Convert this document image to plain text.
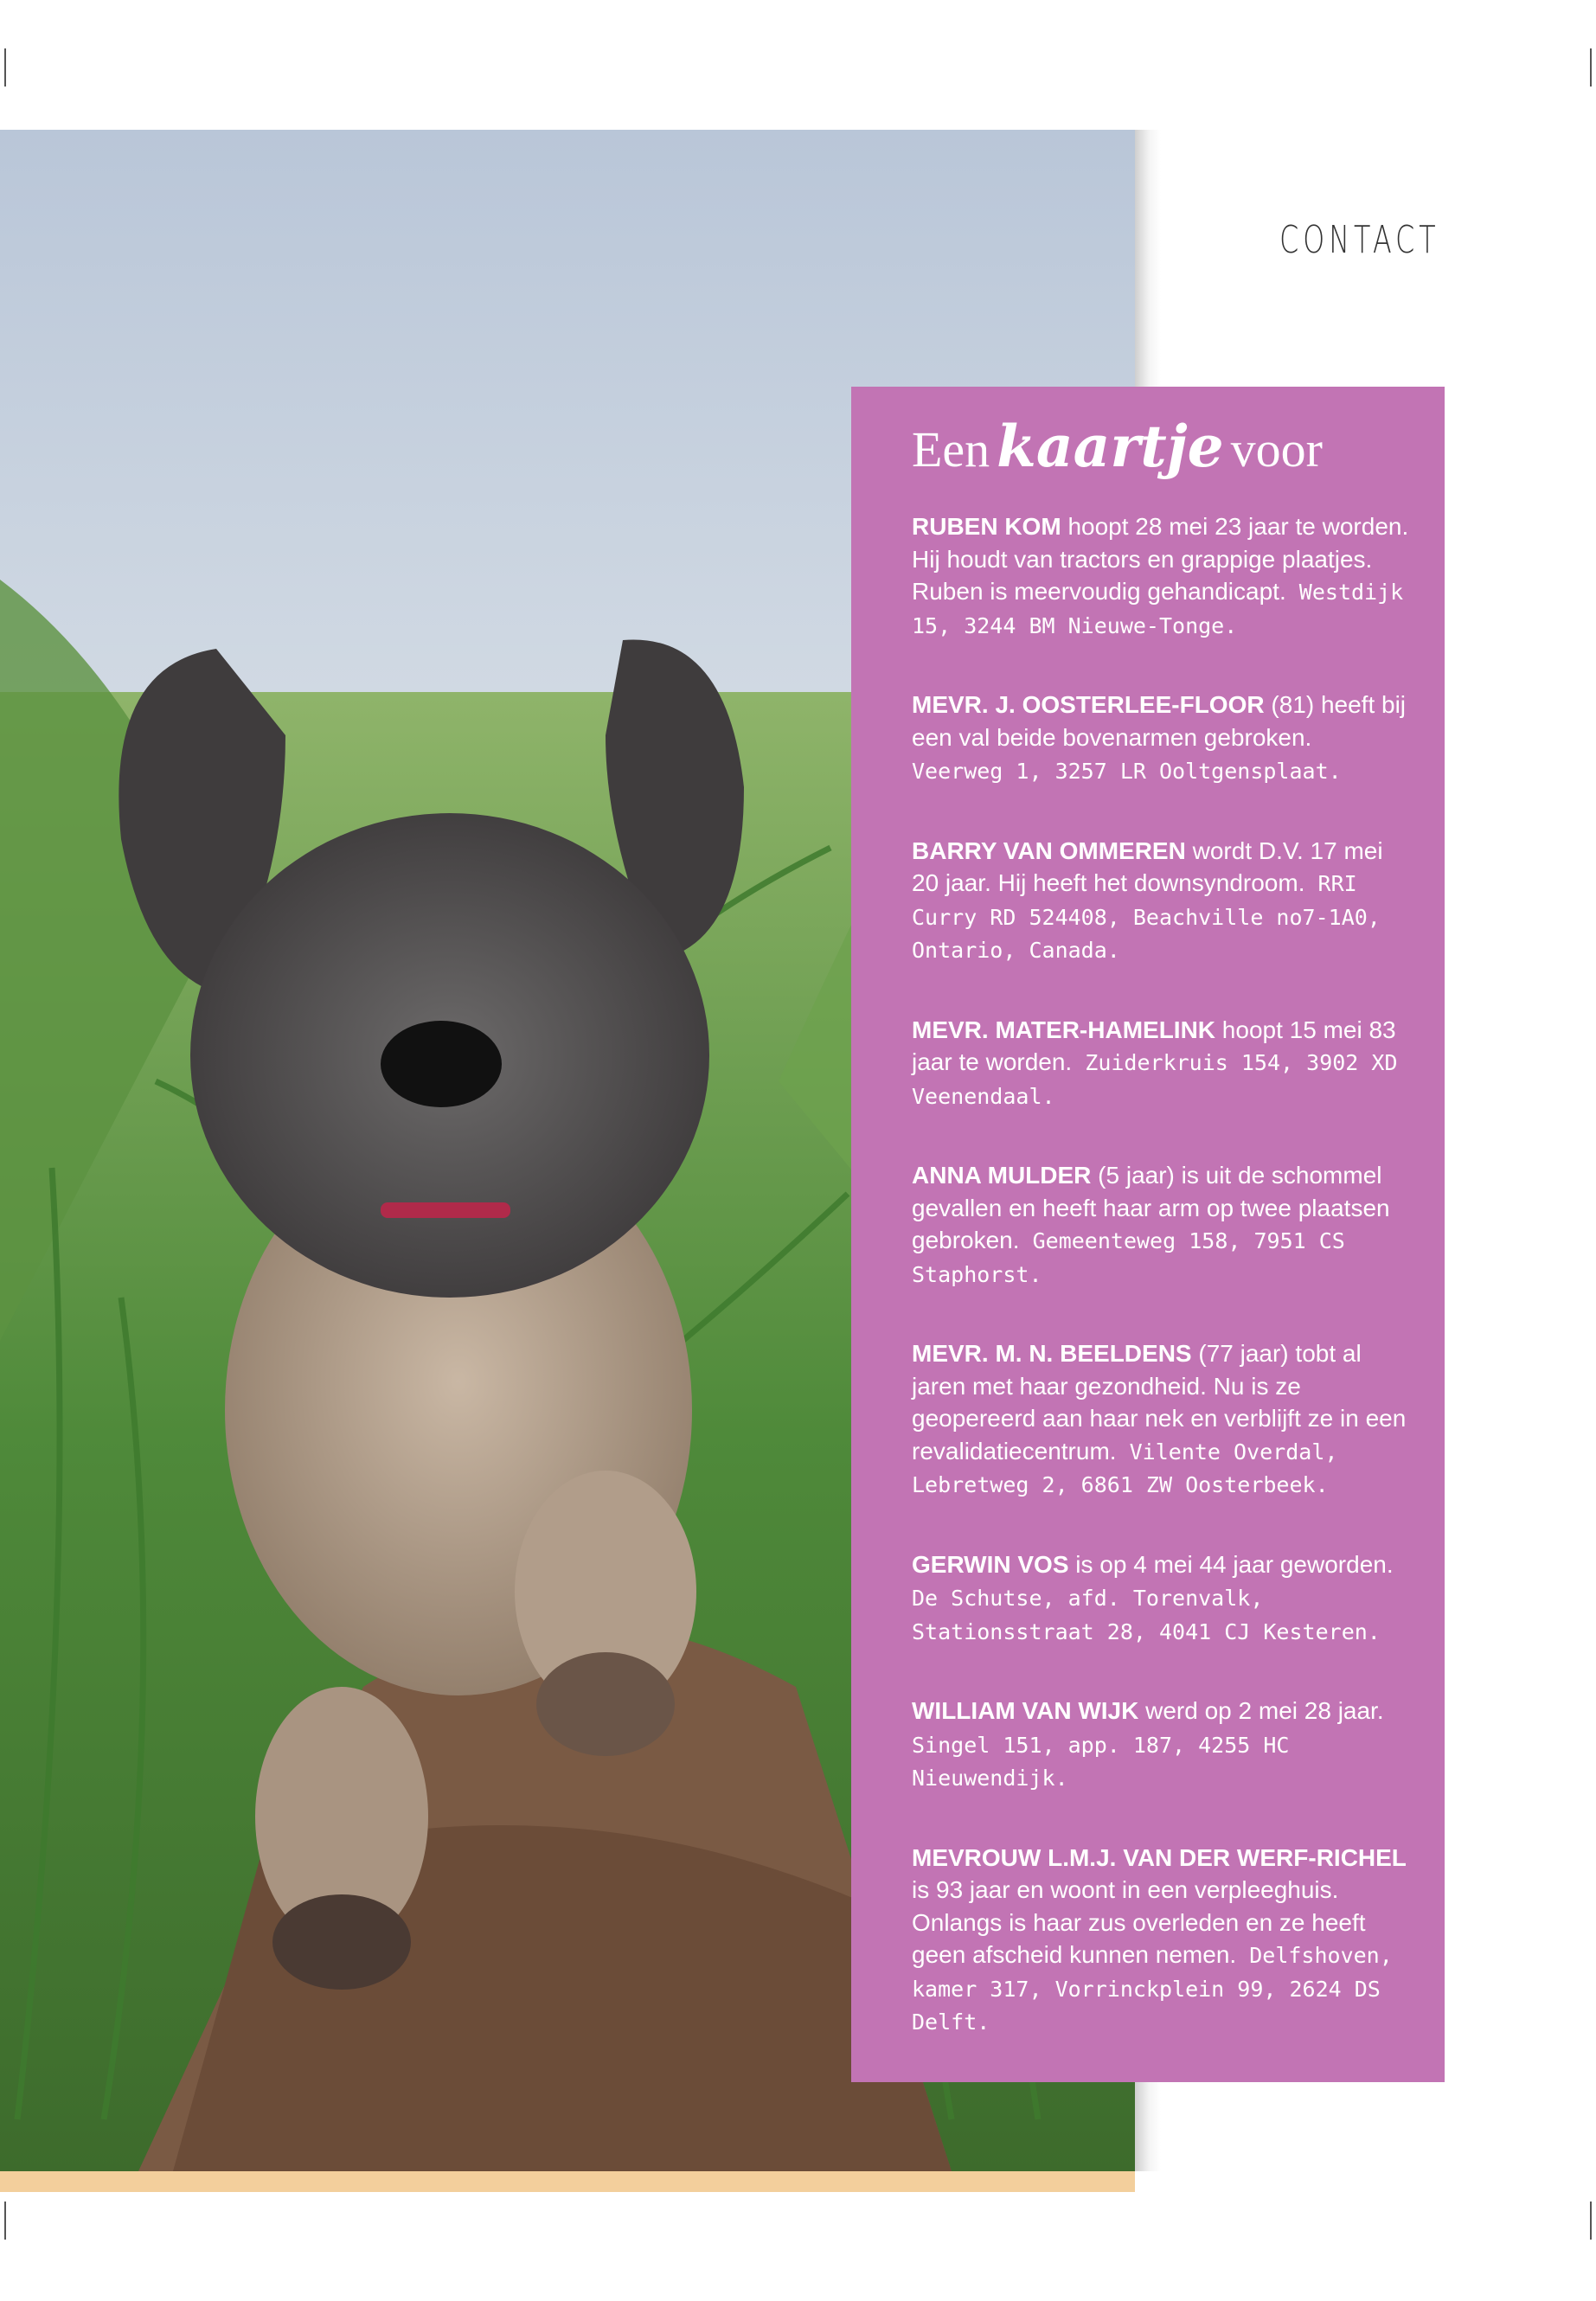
CONTACT
Een kaartje voor

RUBEN KOM hoopt 28 mei 23 jaar te worden. Hij houdt van tractors en grappige plaatjes. Ruben is meervoudig gehandicapt. Westdijk 15, 3244 BM Nieuwe-Tonge.

MEVR. J. OOSTERLEE-FLOOR (81) heeft bij een val beide bovenarmen gebroken. Veerweg 1, 3257 LR Ooltgensplaat.

BARRY VAN OMMEREN wordt D.V. 17 mei 20 jaar. Hij heeft het downsyndroom. RRI Curry RD 524408, Beachville no7-1A0, Ontario, Canada.

MEVR. MATER-HAMELINK hoopt 15 mei 83 jaar te worden. Zuiderkruis 154, 3902 XD Veenendaal.

ANNA MULDER (5 jaar) is uit de schommel gevallen en heeft haar arm op twee plaatsen gebroken. Gemeenteweg 158, 7951 CS Staphorst.

MEVR. M. N. BEELDENS (77 jaar) tobt al jaren met haar gezondheid. Nu is ze geopereerd aan haar nek en verblijft ze in een revalidatiecentrum. Vilente Overdal, Lebretweg 2, 6861 ZW Oosterbeek.

GERWIN VOS is op 4 mei 44 jaar geworden. De Schutse, afd. Torenvalk, Stationsstraat 28, 4041 CJ Kesteren.

WILLIAM VAN WIJK werd op 2 mei 28 jaar. Singel 151, app. 187, 4255 HC Nieuwendijk.

MEVROUW L.M.J. VAN DER WERF-RICHEL is 93 jaar en woont in een verpleeghuis. Onlangs is haar zus overleden en ze heeft geen afscheid kunnen nemen. Delfshoven, kamer 317, Vorrinckplein 99, 2624 DS Delft.
